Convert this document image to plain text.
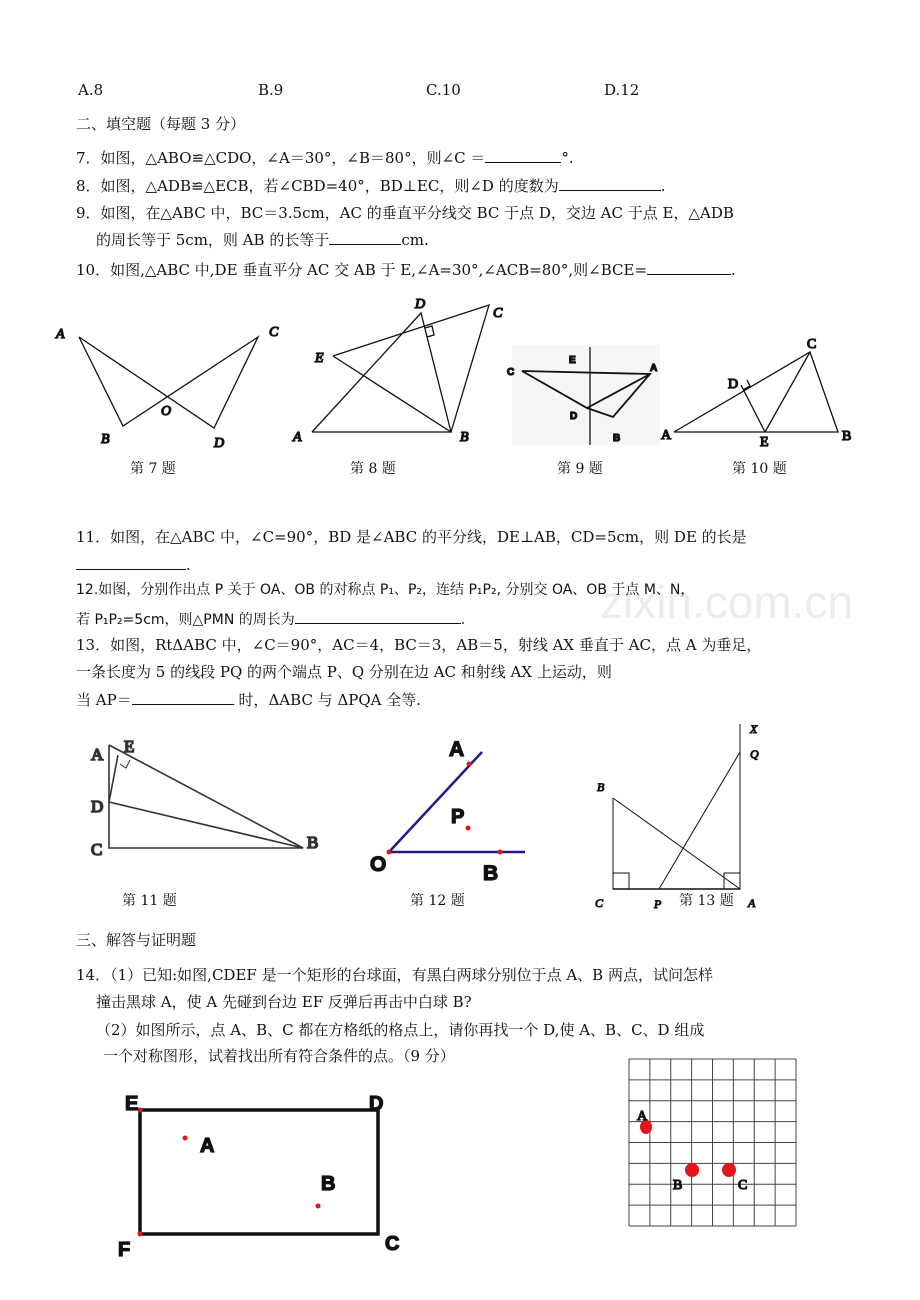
zixin.com.cn
A.8	B.9	C.10	D.12
二、填空题（每题 3 分）
7．如图，△ABO≌△CDO，∠A＝30°，∠B＝80°，则∠C ＝	°.
8．如图，△ADB≌△ECB，若∠CBD=40°，BD⊥EC，则∠D 的度数为	.
9．如图，在△ABC 中，BC＝3.5cm，AC 的垂直平分线交 BC 于点 D，交边 AC 于点 E，△ADB
的周长等于 5cm，则 AB 的长等于	cm.
10．如图,△ABC 中,DE 垂直平分 AC 交 AB 于 E,∠A=30°,∠ACB=80°,则∠BCE=	.
第 7 题	第 8 题	第 9 题	第 10 题
11．如图，在△ABC 中，∠C=90°，BD 是∠ABC 的平分线，DE⊥AB，CD=5cm，则 DE 的长是
.
12.如图，分别作出点 P 关于 OA、OB 的对称点 P₁、P₂，连结 P₁P₂, 分别交 OA、OB 于点 M、N，
若 P₁P₂=5cm，则△PMN 的周长为	.
13．如图，RtΔABC 中，∠C＝90°，AC＝4，BC＝3，AB＝5，射线 AX 垂直于 AC，点 A 为垂足，
一条长度为 5 的线段 PQ 的两个端点 P、Q 分别在边 AC 和射线 AX 上运动，则
当 AP＝	时，ΔABC 与 ΔPQA 全等.
第 11 题	第 12 题	第 13 题
三、解答与证明题
14．（1）已知:如图,CDEF 是一个矩形的台球面，有黑白两球分别位于点 A、B 两点，试问怎样
撞击黑球 A，使 A 先碰到台边 EF 反弹后再击中白球 B?
（2）如图所示，点 A、B、C 都在方格纸的格点上，请你再找一个 D,使 A、B、C、D 组成
一个对称图形，试着找出所有符合条件的点。（9 分）
A	C
B	D
O
D
C
E
A	B
C
E
A
D
B	A	B
C
D
E
A E
D
C	B
A
P
O	B
X
Q
B
C	P	A
E	D
F	C
A
B
A
B	C
